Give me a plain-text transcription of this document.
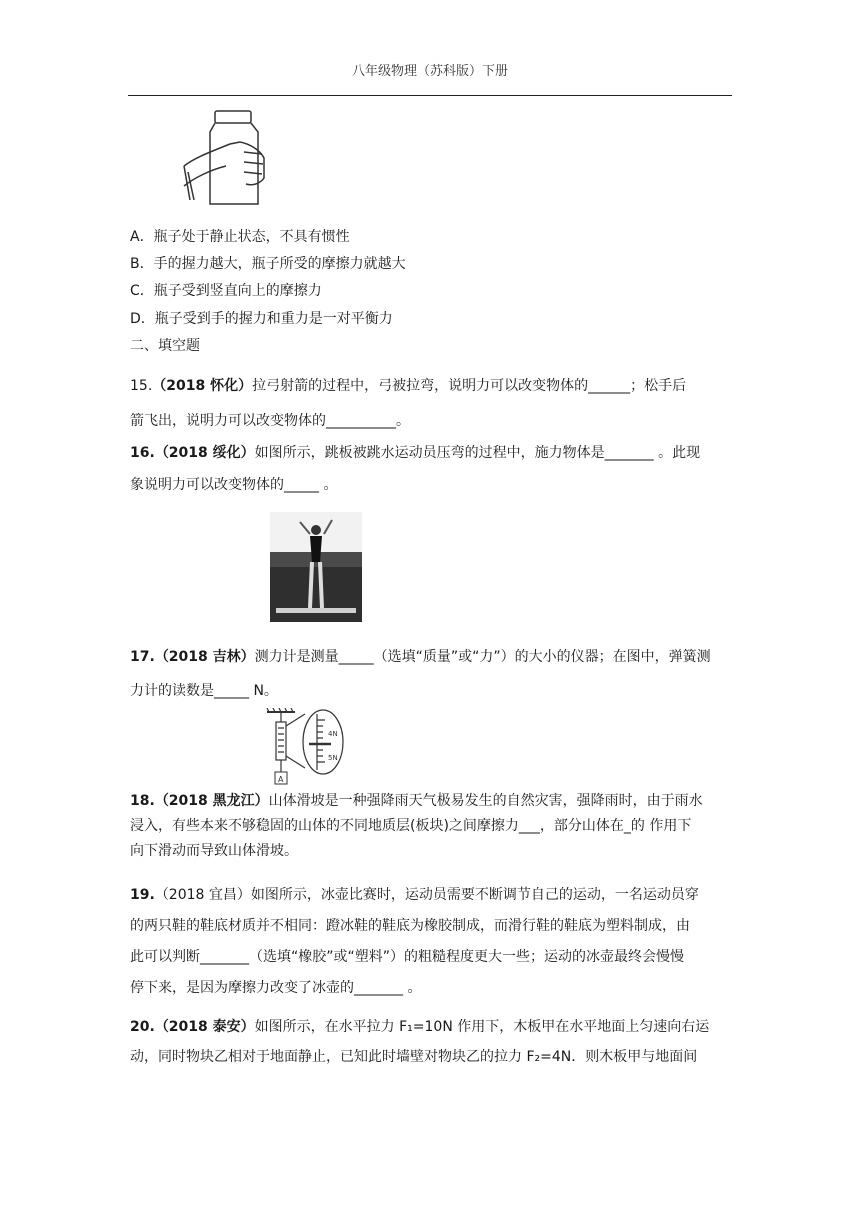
八年级物理（苏科版）下册
A．瓶子处于静止状态，不具有惯性
B．手的握力越大，瓶子所受的摩擦力就越大
C．瓶子受到竖直向上的摩擦力
D．瓶子受到手的握力和重力是一对平衡力
二、填空题
15.（2018 怀化）拉弓射箭的过程中，弓被拉弯，说明力可以改变物体的______；松手后
箭飞出，说明力可以改变物体的__________。
16.（2018 绥化）如图所示，跳板被跳水运动员压弯的过程中，施力物体是_______ 。此现
象说明力可以改变物体的_____ 。
17.（2018 吉林）测力计是测量_____（选填“质量”或“力”）的大小的仪器；在图中，弹簧测
力计的读数是_____ N。
4N
5N
A
18.（2018 黑龙江）山体滑坡是一种强降雨天气极易发生的自然灾害，强降雨时，由于雨水
浸入，有些本来不够稳固的山体的不同地质层(板块)之间摩擦力___，部分山体在_的 作用下
向下滑动而导致山体滑坡。
19.（2018 宜昌）如图所示，冰壶比赛时，运动员需要不断调节自己的运动，一名运动员穿
的两只鞋的鞋底材质并不相同：蹬冰鞋的鞋底为橡胶制成，而滑行鞋的鞋底为塑料制成，由
此可以判断_______（选填“橡胶”或“塑料”）的粗糙程度更大一些；运动的冰壶最终会慢慢
停下来，是因为摩擦力改变了冰壶的_______ 。
20.（2018 泰安）如图所示，在水平拉力 F₁=10N 作用下，木板甲在水平地面上匀速向右运
动，同时物块乙相对于地面静止，已知此时墙壁对物块乙的拉力 F₂=4N．则木板甲与地面间
